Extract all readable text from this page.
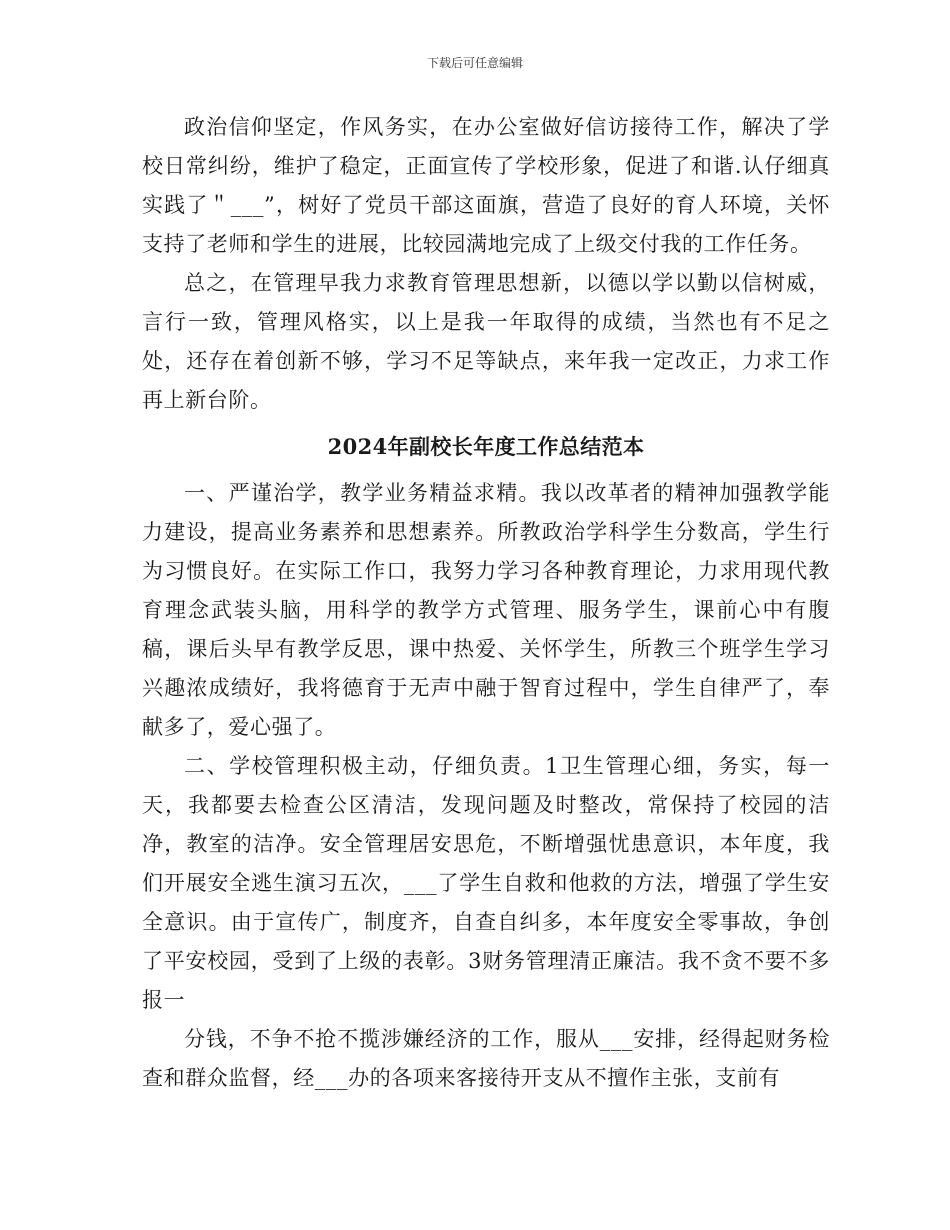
下载后可任意编辑

政治信仰坚定，作风务实，在办公室做好信访接待工作，解决了学校日常纠纷，维护了稳定，正面宣传了学校形象，促进了和谐.认仔细真实践了＂___”，树好了党员干部这面旗，营造了良好的育人环境，关怀支持了老师和学生的进展，比较园满地完成了上级交付我的工作任务。

总之，在管理早我力求教育管理思想新，以德以学以勤以信树威，言行一致，管理风格实，以上是我一年取得的成绩，当然也有不足之处，还存在着创新不够，学习不足等缺点，来年我一定改正，力求工作再上新台阶。

2024年副校长年度工作总结范本

一、严谨治学，教学业务精益求精。我以改革者的精神加强教学能力建设，提高业务素养和思想素养。所教政治学科学生分数高，学生行为习惯良好。在实际工作口，我努力学习各种教育理论，力求用现代教育理念武装头脑，用科学的教学方式管理、服务学生，课前心中有腹稿，课后头早有教学反思，课中热爱、关怀学生，所教三个班学生学习兴趣浓成绩好，我将德育于无声中融于智育过程中，学生自律严了，奉献多了，爱心强了。

二、学校管理积极主动，仔细负责。1卫生管理心细，务实，每一天，我都要去检查公区清洁，发现问题及时整改，常保持了校园的洁净，教室的洁净。安全管理居安思危，不断增强忧患意识，本年度，我们开展安全逃生演习五次，___了学生自救和他救的方法，增强了学生安全意识。由于宣传广，制度齐，自查自纠多，本年度安全零事故，争创了平安校园，受到了上级的表彰。3财务管理清正廉洁。我不贪不要不多报一

分钱，不争不抢不揽涉嫌经济的工作，服从___安排，经得起财务检查和群众监督，经___办的各项来客接待开支从不擅作主张，支前有
